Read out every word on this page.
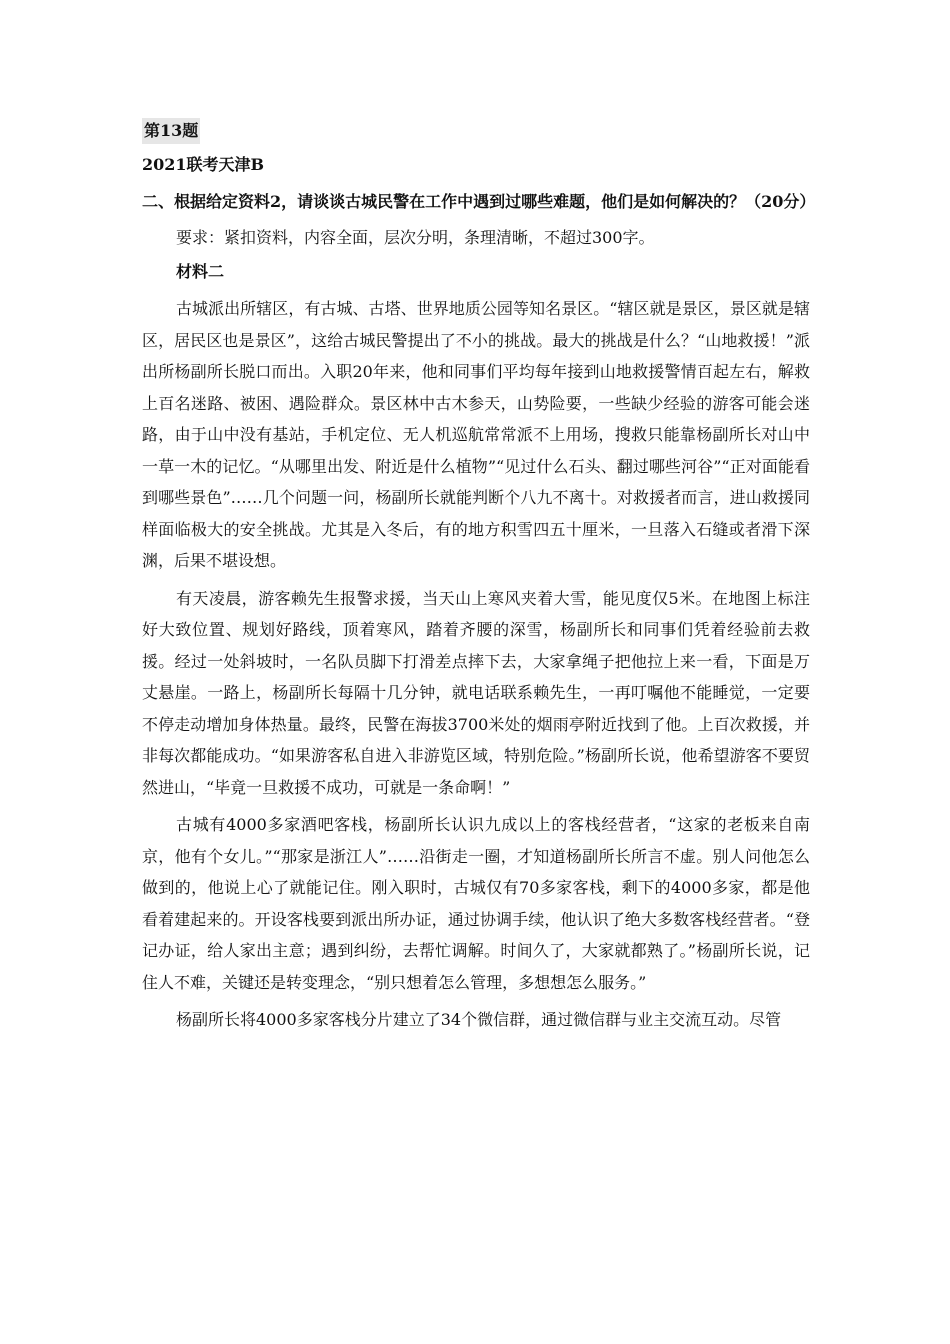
第13题

2021联考天津B

二、根据给定资料2，请谈谈古城民警在工作中遇到过哪些难题，他们是如何解决的？（20分）

要求：紧扣资料，内容全面，层次分明，条理清晰，不超过300字。

材料二

古城派出所辖区，有古城、古塔、世界地质公园等知名景区。“辖区就是景区，景区就是辖区，居民区也是景区”，这给古城民警提出了不小的挑战。最大的挑战是什么？“山地救援！”派出所杨副所长脱口而出。入职20年来，他和同事们平均每年接到山地救援警情百起左右，解救上百名迷路、被困、遇险群众。景区林中古木参天，山势险要，一些缺少经验的游客可能会迷路，由于山中没有基站，手机定位、无人机巡航常常派不上用场，搜救只能靠杨副所长对山中一草一木的记忆。“从哪里出发、附近是什么植物”“见过什么石头、翻过哪些河谷”“正对面能看到哪些景色”……几个问题一问，杨副所长就能判断个八九不离十。对救援者而言，进山救援同样面临极大的安全挑战。尤其是入冬后，有的地方积雪四五十厘米，一旦落入石缝或者滑下深渊，后果不堪设想。

有天凌晨，游客赖先生报警求援，当天山上寒风夹着大雪，能见度仅5米。在地图上标注好大致位置、规划好路线，顶着寒风，踏着齐腰的深雪，杨副所长和同事们凭着经验前去救援。经过一处斜坡时，一名队员脚下打滑差点摔下去，大家拿绳子把他拉上来一看，下面是万丈悬崖。一路上，杨副所长每隔十几分钟，就电话联系赖先生，一再叮嘱他不能睡觉，一定要不停走动增加身体热量。最终，民警在海拔3700米处的烟雨亭附近找到了他。上百次救援，并非每次都能成功。“如果游客私自进入非游览区域，特别危险。”杨副所长说，他希望游客不要贸然进山，“毕竟一旦救援不成功，可就是一条命啊！”

古城有4000多家酒吧客栈，杨副所长认识九成以上的客栈经营者，“这家的老板来自南京，他有个女儿。”“那家是浙江人”……沿街走一圈，才知道杨副所长所言不虚。别人问他怎么做到的，他说上心了就能记住。刚入职时，古城仅有70多家客栈，剩下的4000多家，都是他看着建起来的。开设客栈要到派出所办证，通过协调手续，他认识了绝大多数客栈经营者。“登记办证，给人家出主意；遇到纠纷，去帮忙调解。时间久了，大家就都熟了。”杨副所长说，记住人不难，关键还是转变理念，“别只想着怎么管理，多想想怎么服务。”

杨副所长将4000多家客栈分片建立了34个微信群，通过微信群与业主交流互动。尽管
